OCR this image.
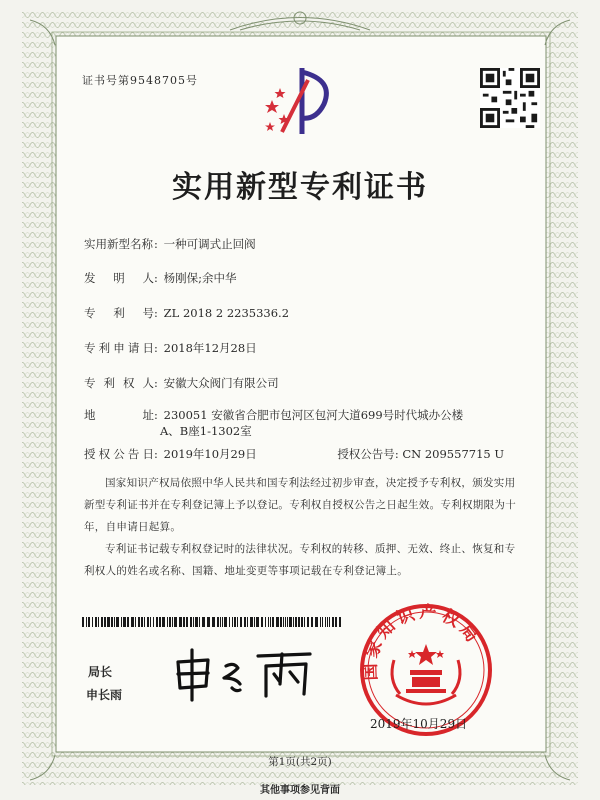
证书号第9548705号
实用新型专利证书
实用新型名称: 一种可调式止回阀
发明人: 杨刚保;余中华
专利号: ZL 2018 2 2235336.2
专利申请日: 2018年12月28日
专利权人: 安徽大众阀门有限公司
地址: 230051 安徽省合肥市包河区包河大道699号时代城办公楼
A、B座1-1302室
授权公告日: 2019年10月29日	授权公告号: CN 209557715 U
国家知识产权局依照中华人民共和国专利法经过初步审查，决定授予专利权，颁发实用新型专利证书并在专利登记簿上予以登记。专利权自授权公告之日起生效。专利权期限为十年，自申请日起算。
专利证书记载专利权登记时的法律状况。专利权的转移、质押、无效、终止、恢复和专利权人的姓名或名称、国籍、地址变更等事项记载在专利登记簿上。
局长
申长雨
国家知识产权局
2019年10月29日
第1页(共2页)
其他事项参见背面
